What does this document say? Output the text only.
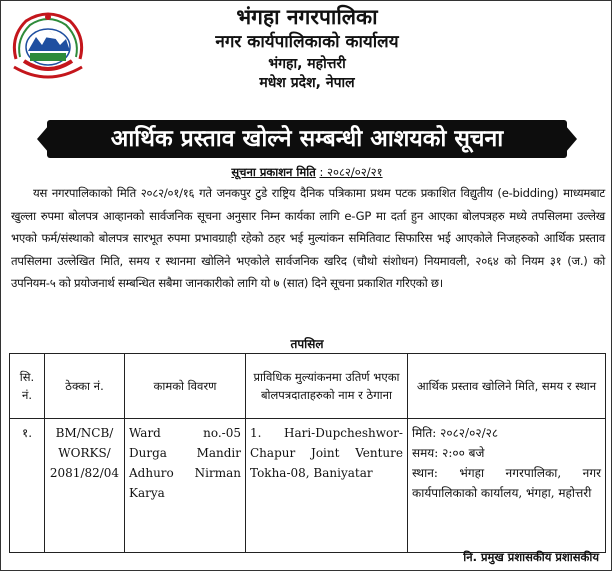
भंगहा नगरपालिका
नगर कार्यपालिकाको कार्यालय
भंगहा, महोत्तरी
मधेश प्रदेश, नेपाल
आर्थिक प्रस्ताव खोल्ने सम्बन्धी आशयको सूचना
सूचना प्रकाशन मिति : २०८२/०२/२१

यस नगरपालिकाको मिति २०८२/०१/१६ गते जनकपुर टुडे राष्ट्रिय दैनिक पत्रिकामा प्रथम पटक प्रकाशित विद्युतीय (e-bidding) माध्यमबाट खुल्ला रुपमा बोलपत्र आव्हानको सार्वजनिक सूचना अनुसार निम्न कार्यका लागि e-GP मा दर्ता हुन आएका बोलपत्रहरु मध्ये तपसिलमा उल्लेख भएको फर्म/संस्थाको बोलपत्र सारभूत रुपमा प्रभावग्राही रहेको ठहर भई मुल्यांकन समितिवाट सिफारिस भई आएकोले निजहरुको आर्थिक प्रस्ताव तपसिलमा उल्लेखित मिति, समय र स्थानमा खोलिने भएकोले सार्वजनिक खरिद (चौथो संशोधन) नियमावली, २०६४ को नियम ३१ (ज.) को उपनियम-५ को प्रयोजनार्थ सम्बन्धित सबैमा जानकारीको लागि यो ७ (सात) दिने सूचना प्रकाशित गरिएको छ।

तपसिल
सि. नं.	ठेक्का नं.	कामको विवरण	प्राविधिक मुल्यांकनमा उतिर्ण भएका बोलपत्रदाताहरुको नाम र ठेगाना	आर्थिक प्रस्ताव खोलिने मिति, समय र स्थान
१.	BM/NCB/ WORKS/ 2081/82/04	Ward no.-05 Durga Mandir Adhuro Nirman Karya	1. Hari-Dupcheshwor-Chapur Joint Venture Tokha-08, Baniyatar	मिति: २०८२/०२/२८
समय: २:०० बजे
स्थान: भंगहा नगरपालिका, नगर कार्यपालिकाको कार्यालय, भंगहा, महोत्तरी
नि. प्रमुख प्रशासकीय प्रशासकीय
